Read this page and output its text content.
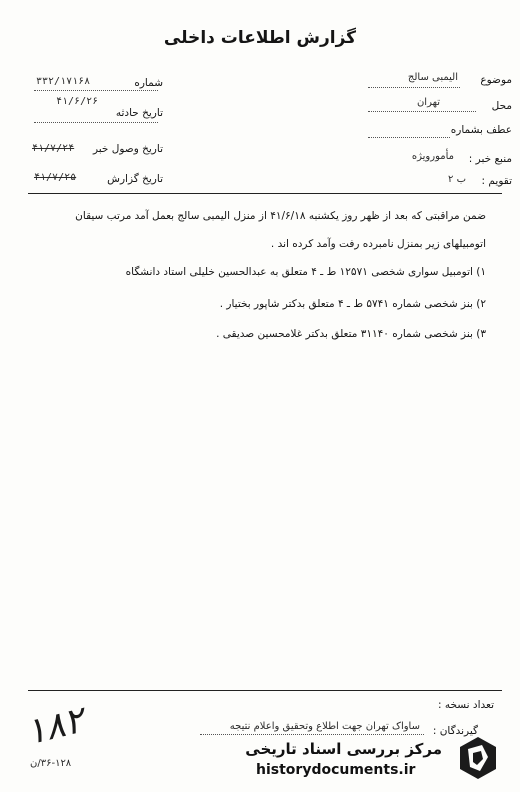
گزارش اطلاعات داخلی
شماره
۳۳۲/۱۷۱۶۸
۴۱/۶/۲۶
تاریخ حادثه
تاریخ وصول خبر
۴۱/۷/۲۴
تاریخ گزارش
۴۱/۷/۲۵
موضوع
الیمبی سالج
محل
تهران
عطف بشماره
منبع خبر :
مأمورویژه
تقویم :
ب ۲
ضمن مراقبتی که بعد از ظهر روز یکشنبه ۴۱/۶/۱۸ از منزل الیمبی سالج بعمل آمد مرتب سیقان
اتومبیلهای زیر بمنزل نامبرده رفت وآمد کرده اند .
۱) اتومبیل سواری شخصی ۱۲۵۷۱ ط ـ ۴ متعلق به عبدالحسین خلیلی استاد دانشگاه
۲) بنز شخصی شماره ۵۷۴۱ ط ـ ۴ متعلق بدکتر شاپور بختیار .
۳) بنز شخصی شماره ۳۱۱۴۰ متعلق بدکتر غلامحسین صدیقی .
تعداد نسخه :
گیرندگان :
ساواک تهران جهت اطلاع وتحقیق واعلام نتیجه
۱۸۲
۳۶-۱۲۸/ن
مرکز بررسی اسناد تاریخی
historydocuments.ir
